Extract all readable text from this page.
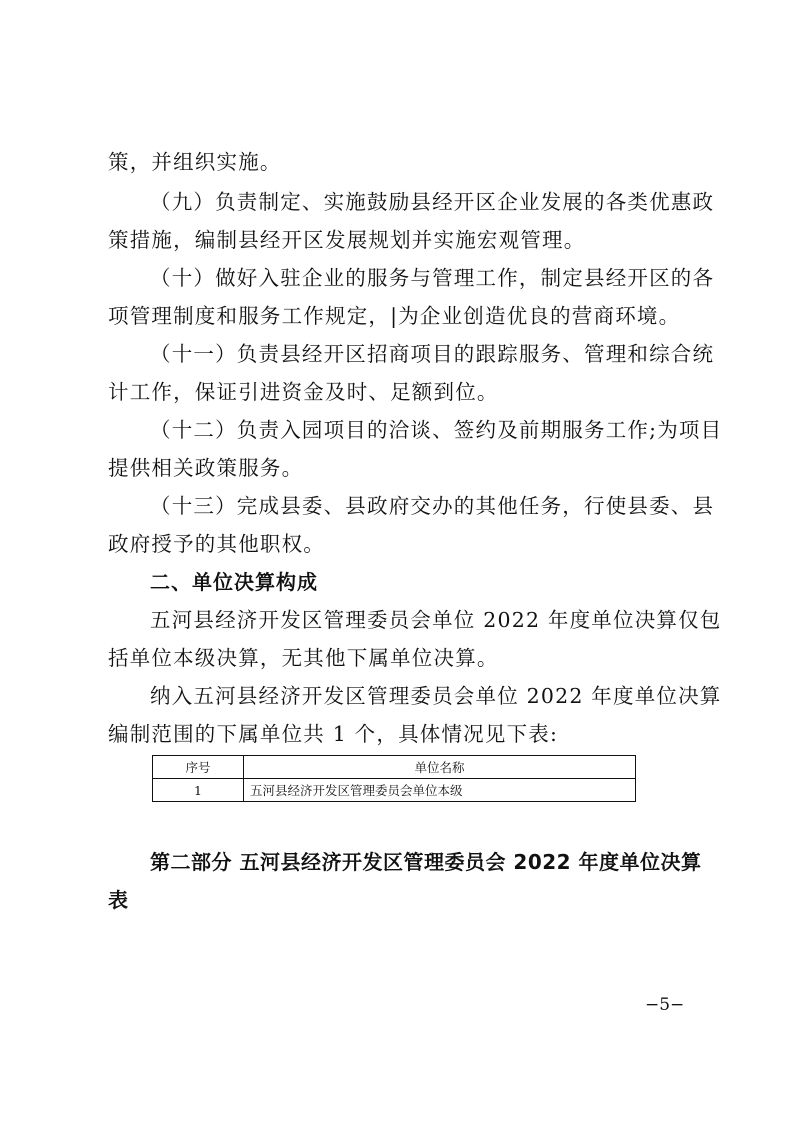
策，并组织实施。
（九）负责制定、实施鼓励县经开区企业发展的各类优惠政
策措施，编制县经开区发展规划并实施宏观管理。
（十）做好入驻企业的服务与管理工作，制定县经开区的各
项管理制度和服务工作规定，|为企业创造优良的营商环境。
（十一）负责县经开区招商项目的跟踪服务、管理和综合统
计工作，保证引进资金及时、足额到位。
（十二）负责入园项目的洽谈、签约及前期服务工作;为项目
提供相关政策服务。
（十三）完成县委、县政府交办的其他任务，行使县委、县
政府授予的其他职权。
二、单位决算构成
五河县经济开发区管理委员会单位 2022 年度单位决算仅包
括单位本级决算，无其他下属单位决算。
纳入五河县经济开发区管理委员会单位 2022 年度单位决算
编制范围的下属单位共 1 个，具体情况见下表:
序号	单位名称
1	五河县经济开发区管理委员会单位本级
第二部分 五河县经济开发区管理委员会 2022 年度单位决算
表
−5−
